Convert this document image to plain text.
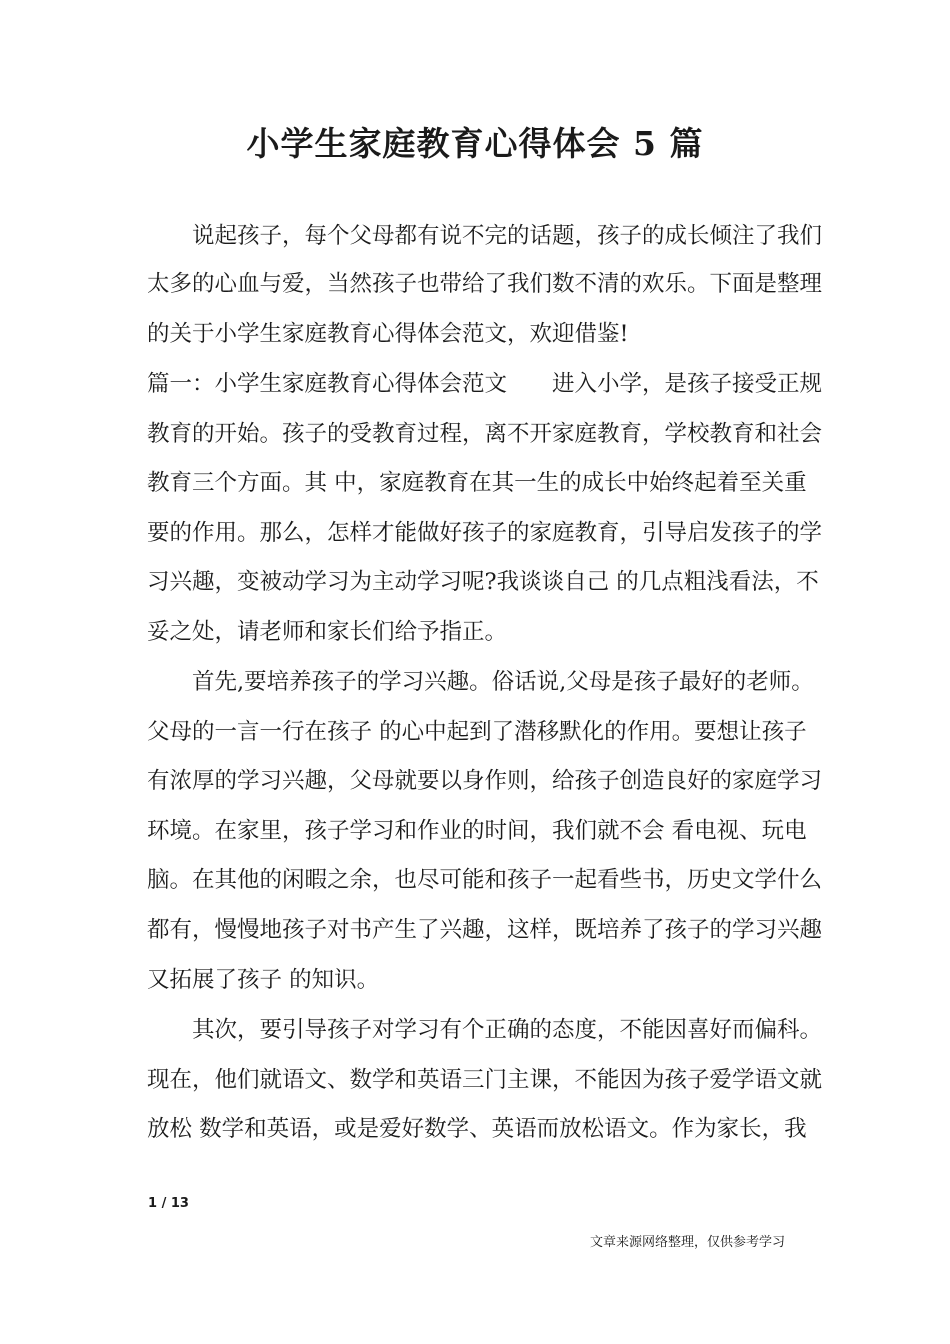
小学生家庭教育心得体会 5 篇
说起孩子，每个父母都有说不完的话题，孩子的成长倾注了我们
太多的心血与爱，当然孩子也带给了我们数不清的欢乐。下面是整理
的关于小学生家庭教育心得体会范文，欢迎借鉴!
篇一：小学生家庭教育心得体会范文　　进入小学，是孩子接受正规
教育的开始。孩子的受教育过程，离不开家庭教育，学校教育和社会
教育三个方面。其 中，家庭教育在其一生的成长中始终起着至关重
要的作用。那么，怎样才能做好孩子的家庭教育，引导启发孩子的学
习兴趣，变被动学习为主动学习呢?我谈谈自己 的几点粗浅看法，不
妥之处，请老师和家长们给予指正。
首先,要培养孩子的学习兴趣。俗话说,父母是孩子最好的老师。
父母的一言一行在孩子 的心中起到了潜移默化的作用。要想让孩子
有浓厚的学习兴趣，父母就要以身作则，给孩子创造良好的家庭学习
环境。在家里，孩子学习和作业的时间，我们就不会 看电视、玩电
脑。在其他的闲暇之余，也尽可能和孩子一起看些书，历史文学什么
都有，慢慢地孩子对书产生了兴趣，这样，既培养了孩子的学习兴趣
又拓展了孩子 的知识。
其次，要引导孩子对学习有个正确的态度，不能因喜好而偏科。
现在，他们就语文、数学和英语三门主课，不能因为孩子爱学语文就
放松 数学和英语，或是爱好数学、英语而放松语文。作为家长，我
1 / 13
文章来源网络整理，仅供参考学习
